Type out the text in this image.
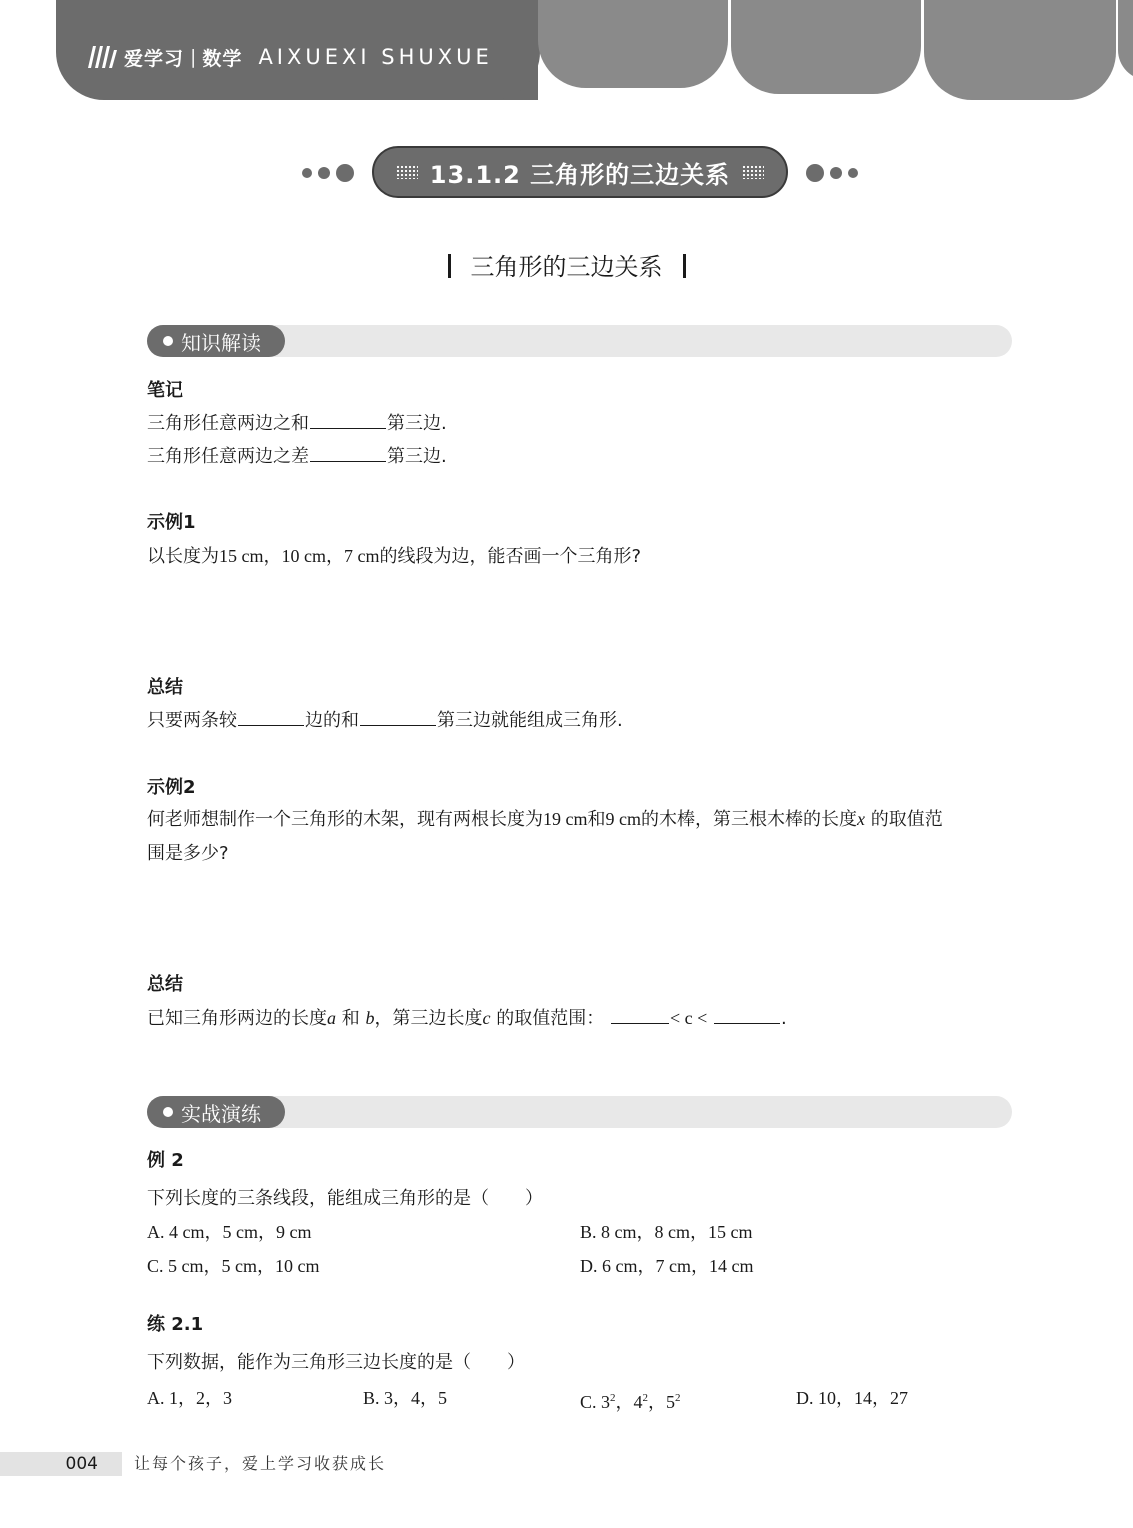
爱学习 | 数学 AIXUEXI SHUXUE
13.1.2 三角形的三边关系
三角形的三边关系
知识解读
笔记
三角形任意两边之和	第三边.
三角形任意两边之差	第三边.
示例1
以长度为15 cm，10 cm，7 cm的线段为边，能否画一个三角形?
总结
只要两条较	边的和	第三边就能组成三角形.
示例2
何老师想制作一个三角形的木架，现有两根长度为19 cm和9 cm的木棒，第三根木棒的长度x 的取值范
围是多少?
总结
已知三角形两边的长度a 和 b，第三边长度c 的取值范围：	< c <	.
实战演练
例 2
下列长度的三条线段，能组成三角形的是（　　）
A. 4 cm，5 cm，9 cm	B. 8 cm，8 cm，15 cm
C. 5 cm，5 cm，10 cm	D. 6 cm，7 cm，14 cm
练 2.1
下列数据，能作为三角形三边长度的是（　　）
A. 1，2，3	B. 3，4，5	C. $3^2$，$4^2$，$5^2$	D. 10，14，27
004	让每个孩子，爱上学习收获成长
